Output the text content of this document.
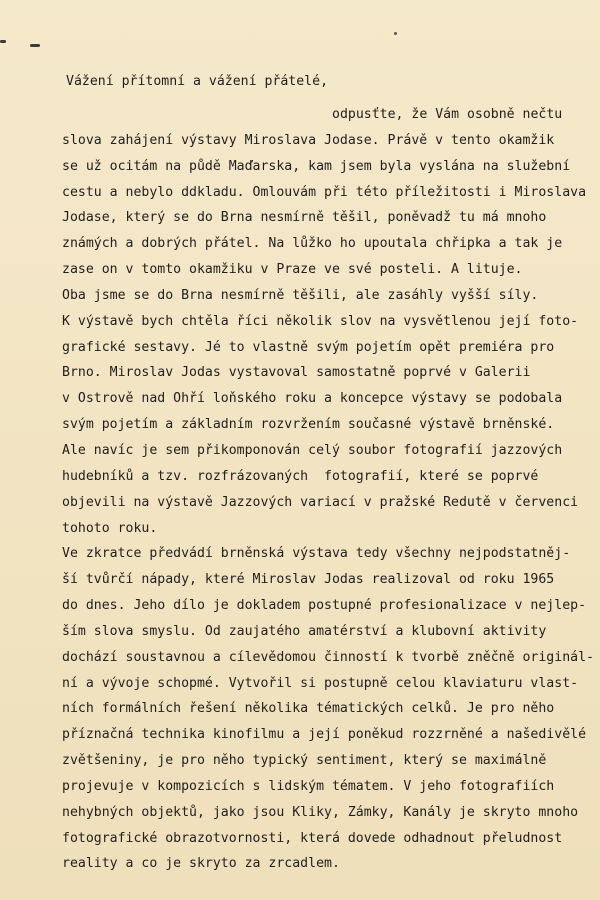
Vážení přítomní a vážení přátelé,
odpusťte, že Vám osobně nečtu
slova zahájení výstavy Miroslava Jodase. Právě v tento okamžik
se už ocitám na půdě Maďarska, kam jsem byla vyslána na služební
cestu a nebylo ddkladu. Omlouvám při této příležitosti i Miroslava
Jodase, který se do Brna nesmírně těšil, poněvadž tu má mnoho
známých a dobrých přátel. Na lůžko ho upoutala chřipka a tak je
zase on v tomto okamžiku v Praze ve své posteli. A lituje.
Oba jsme se do Brna nesmírně těšili, ale zasáhly vyšší síly.
K výstavě bych chtěla říci několik slov na vysvětlenou její foto-
grafické sestavy. Jé to vlastně svým pojetím opět premiéra pro
Brno. Miroslav Jodas vystavoval samostatně poprvé v Galerii
v Ostrově nad Ohří loňského roku a koncepce výstavy se podobala
svým pojetím a základním rozvržením současné výstavě brněnské.
Ale navíc je sem přikomponován celý soubor fotografií jazzových
hudebníků a tzv. rozfrázovaných  fotografií, které se poprvé
objevili na výstavě Jazzových variací v pražské Redutě v červenci
tohoto roku.
Ve zkratce předvádí brněnská výstava tedy všechny nejpodstatněj-
ší tvůrčí nápady, které Miroslav Jodas realizoval od roku 1965
do dnes. Jeho dílo je dokladem postupné profesionalizace v nejlep-
ším slova smyslu. Od zaujatého amatérství a klubovní aktivity
dochází soustavnou a cílevědomou činností k tvorbě zněčně originál-
ní a vývoje schopmé. Vytvořil si postupně celou klaviaturu vlast-
ních formálních řešení několika tématických celků. Je pro něho
příznačná technika kinofilmu a její poněkud rozzrněné a našedivělé
zvětšeniny, je pro něho typický sentiment, který se maximálně
projevuje v kompozicích s lidským tématem. V jeho fotografiích
nehybných objektů, jako jsou Kliky, Zámky, Kanály je skryto mnoho
fotografické obrazotvornosti, která dovede odhadnout přeludnost
reality a co je skryto za zrcadlem.
